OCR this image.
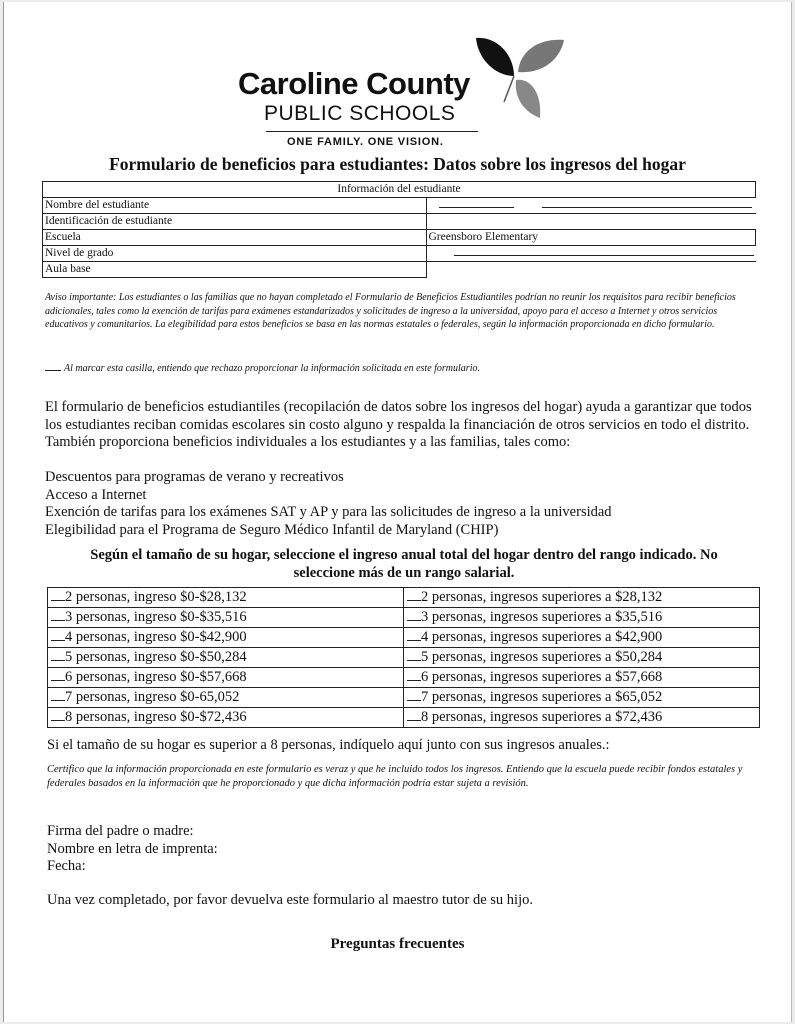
Caroline County
PUBLIC SCHOOLS
ONE FAMILY. ONE VISION.
Formulario de beneficios para estudiantes: Datos sobre los ingresos del hogar
Información del estudiante	
Nombre del estudiante	
Identificación de estudiante	
Escuela	Greensboro Elementary
Nivel de grado	
Aula base	
Aviso importante: Los estudiantes o las familias que no hayan completado el Formulario de Beneficios Estudiantiles podrían no reunir los requisitos para recibir beneficios adicionales, tales como la exención de tarifas para exámenes estandarizados y solicitudes de ingreso a la universidad, apoyo para el acceso a Internet y otros servicios educativos y comunitarios. La elegibilidad para estos beneficios se basa en las normas estatales o federales, según la información proporcionada en dicho formulario.
Al marcar esta casilla, entiendo que rechazo proporcionar la información solicitada en este formulario.
El formulario de beneficios estudiantiles (recopilación de datos sobre los ingresos del hogar) ayuda a garantizar que todos los estudiantes reciban comidas escolares sin costo alguno y respalda la financiación de otros servicios en todo el distrito. También proporciona beneficios individuales a los estudiantes y a las familias, tales como:
Descuentos para programas de verano y recreativos
Acceso a Internet
Exención de tarifas para los exámenes SAT y AP y para las solicitudes de ingreso a la universidad
Elegibilidad para el Programa de Seguro Médico Infantil de Maryland (CHIP)
Según el tamaño de su hogar, seleccione el ingreso anual total del hogar dentro del rango indicado. No seleccione más de un rango salarial.
2 personas, ingreso $0-$28,132	2 personas, ingresos superiores a $28,132
3 personas, ingreso $0-$35,516	3 personas, ingresos superiores a $35,516
4 personas, ingreso $0-$42,900	4 personas, ingresos superiores a $42,900
5 personas, ingreso $0-$50,284	5 personas, ingresos superiores a $50,284
6 personas, ingreso $0-$57,668	6 personas, ingresos superiores a $57,668
7 personas, ingreso $0-65,052	7 personas, ingresos superiores a $65,052
8 personas, ingreso $0-$72,436	8 personas, ingresos superiores a $72,436
Si el tamaño de su hogar es superior a 8 personas, indíquelo aquí junto con sus ingresos anuales.:
Certifico que la información proporcionada en este formulario es veraz y que he incluido todos los ingresos. Entiendo que la escuela puede recibir fondos estatales y federales basados en la información que he proporcionado y que dicha información podría estar sujeta a revisión.
Firma del padre o madre:
Nombre en letra de imprenta:
Fecha:
Una vez completado, por favor devuelva este formulario al maestro tutor de su hijo.
Preguntas frecuentes
